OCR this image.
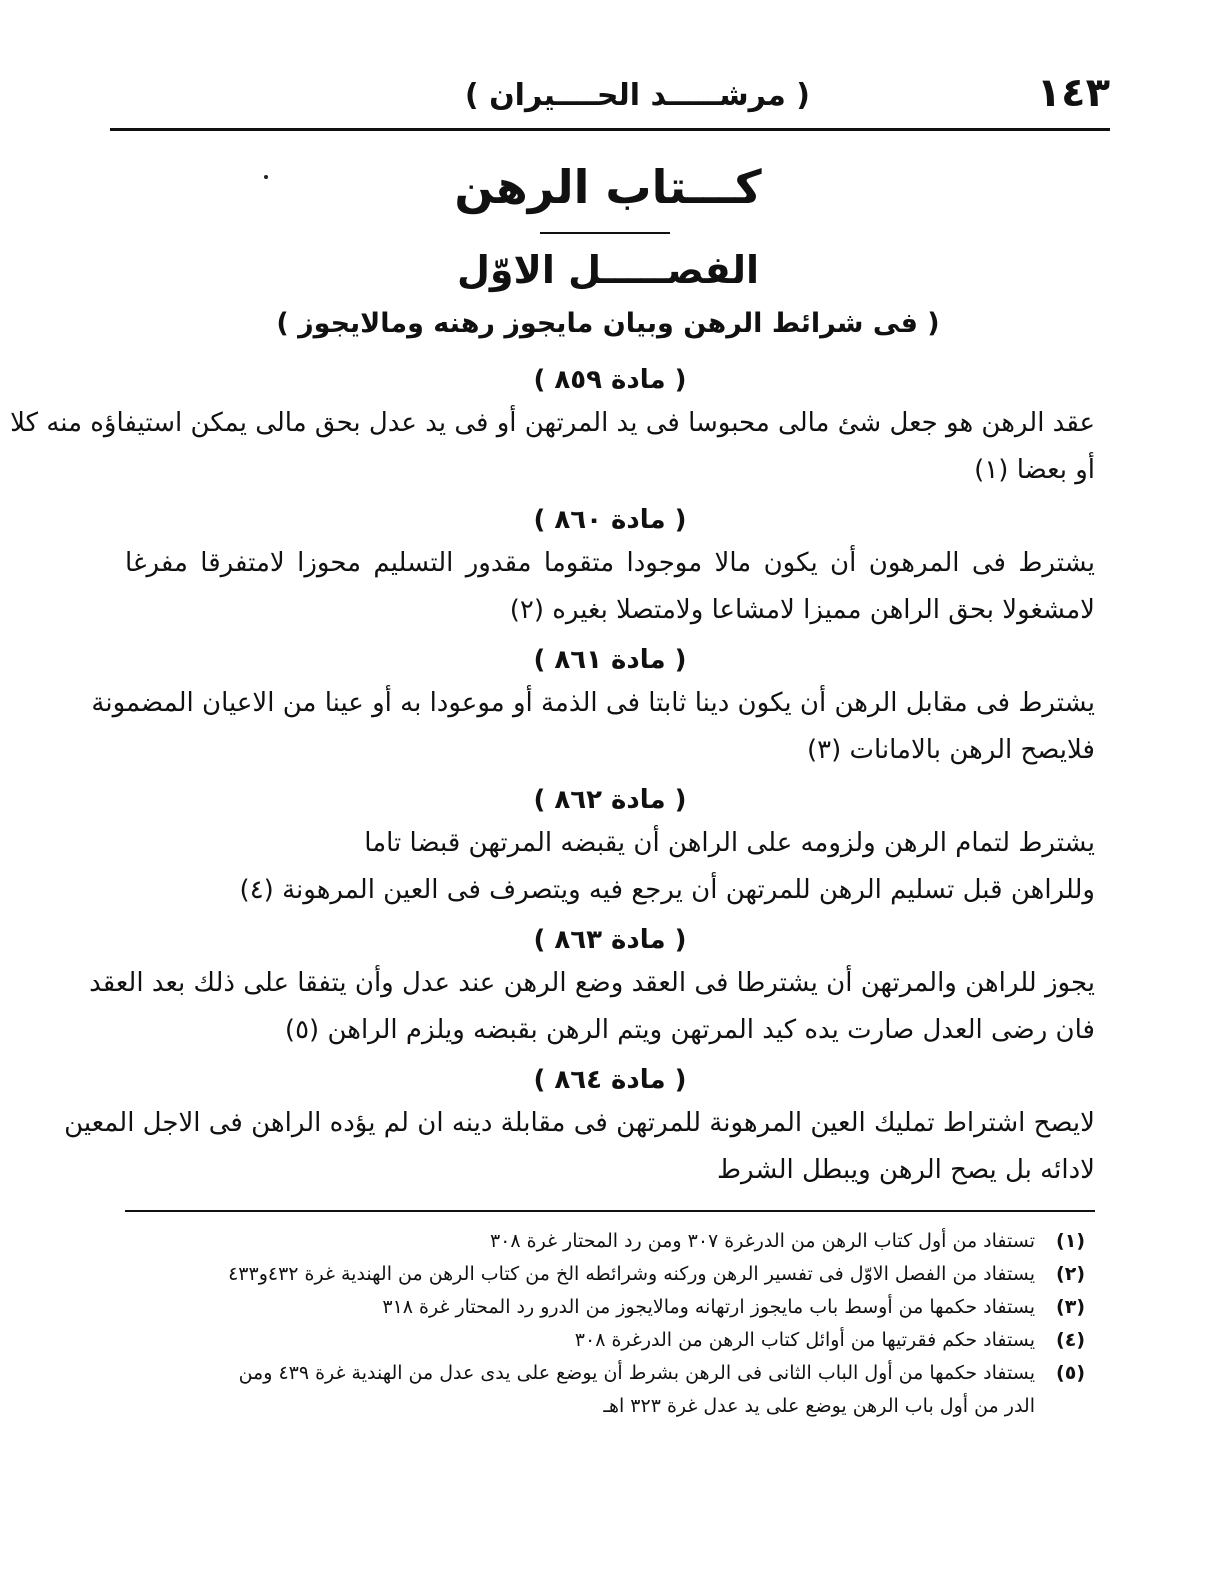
١٤٣
( مرشـــــد الحــــيران )
كـــتاب الرهن
الفصـــــل الاوّل
( فى شرائط الرهن وبيان مايجوز رهنه ومالايجوز )
( مادة ٨٥٩ )
عقد الرهن هو جعل شئ مالى محبوسا فى يد المرتهن أو فى يد عدل بحق مالى يمكن استيفاؤه منه كلا
أو بعضا (١)
( مادة ٨٦٠ )
يشترط فى المرهون أن يكون مالا موجودا متقوما مقدور التسليم محوزا لامتفرقا مفرغا
لامشغولا بحق الراهن مميزا لامشاعا ولامتصلا بغيره (٢)
( مادة ٨٦١ )
يشترط فى مقابل الرهن أن يكون دينا ثابتا فى الذمة أو موعودا به أو عينا من الاعيان المضمونة
فلايصح الرهن بالامانات (٣)
( مادة ٨٦٢ )
يشترط لتمام الرهن ولزومه على الراهن أن يقبضه المرتهن قبضا تاما
وللراهن قبل تسليم الرهن للمرتهن أن يرجع فيه ويتصرف فى العين المرهونة (٤)
( مادة ٨٦٣ )
يجوز للراهن والمرتهن أن يشترطا فى العقد وضع الرهن عند عدل وأن يتفقا على ذلك بعد العقد
فان رضى العدل صارت يده كيد المرتهن ويتم الرهن بقبضه ويلزم الراهن (٥)
( مادة ٨٦٤ )
لايصح اشتراط تمليك العين المرهونة للمرتهن فى مقابلة دينه ان لم يؤده الراهن فى الاجل المعين
لادائه بل يصح الرهن ويبطل الشرط
(١)
تستفاد من أول كتاب الرهن من الدرغرة ٣٠٧ ومن رد المحتار غرة ٣٠٨
(٢)
يستفاد من الفصل الاوّل فى تفسير الرهن وركنه وشرائطه الخ من كتاب الرهن من الهندية غرة ٤٣٢و٤٣٣
(٣)
يستفاد حكمها من أوسط باب مايجوز ارتهانه ومالايجوز من الدرو رد المحتار غرة ٣١٨
(٤)
يستفاد حكم فقرتيها من أوائل كتاب الرهن من الدرغرة ٣٠٨
(٥)
يستفاد حكمها من أول الباب الثانى فى الرهن بشرط أن يوضع على يدى عدل من الهندية غرة ٤٣٩ ومن
الدر من أول باب الرهن يوضع على يد عدل غرة ٣٢٣ اهـ
